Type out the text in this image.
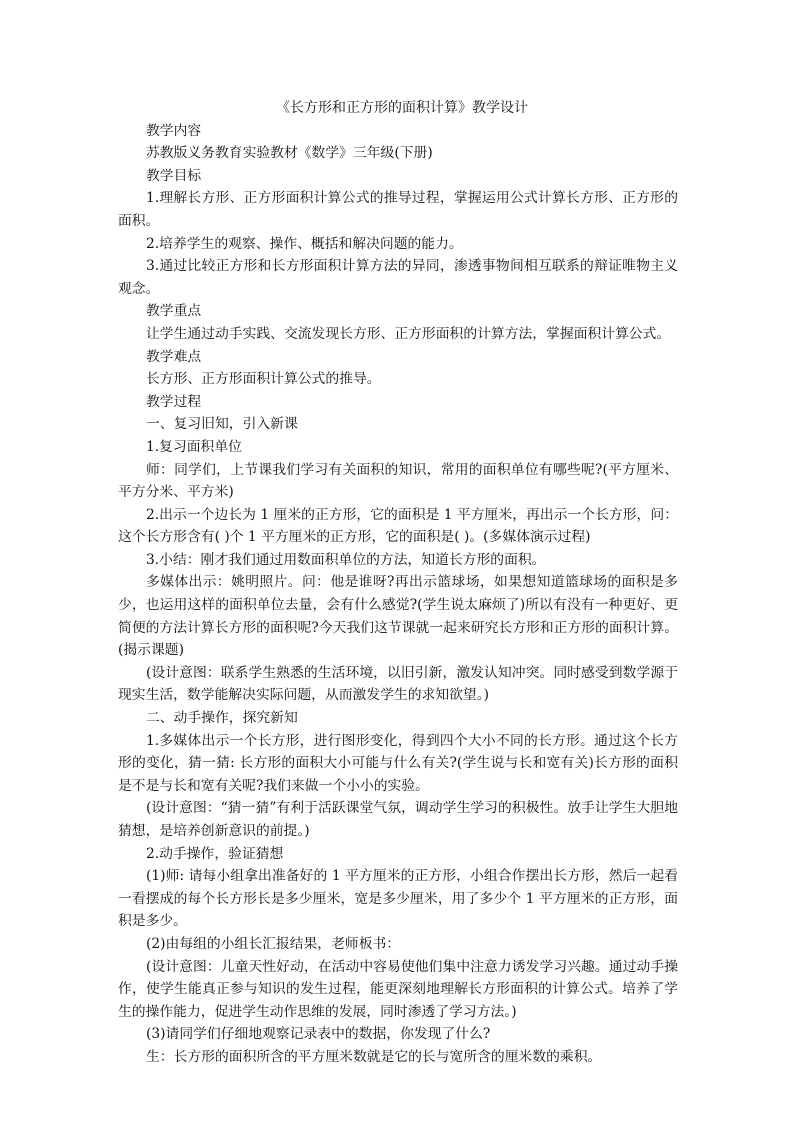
《长方形和正方形的面积计算》教学设计

教学内容

苏教版义务教育实验教材《数学》三年级(下册)

教学目标

1.理解长方形、正方形面积计算公式的推导过程，掌握运用公式计算长方形、正方形的面积。

2.培养学生的观察、操作、概括和解决问题的能力。

3.通过比较正方形和长方形面积计算方法的异同，渗透事物间相互联系的辩证唯物主义观念。

教学重点

让学生通过动手实践、交流发现长方形、正方形面积的计算方法，掌握面积计算公式。

教学难点

长方形、正方形面积计算公式的推导。

教学过程

一、复习旧知，引入新课

1.复习面积单位

师：同学们，上节课我们学习有关面积的知识，常用的面积单位有哪些呢?(平方厘米、平方分米、平方米)

2.出示一个边长为 1 厘米的正方形，它的面积是 1 平方厘米，再出示一个长方形，问：这个长方形含有( )个 1 平方厘米的正方形，它的面积是( )。(多媒体演示过程)

3.小结：刚才我们通过用数面积单位的方法，知道长方形的面积。

多媒体出示：姚明照片。问：他是谁呀?再出示篮球场，如果想知道篮球场的面积是多少，也运用这样的面积单位去量，会有什么感觉?(学生说太麻烦了)所以有没有一种更好、更简便的方法计算长方形的面积呢?今天我们这节课就一起来研究长方形和正方形的面积计算。(揭示课题)

(设计意图：联系学生熟悉的生活环境，以旧引新，激发认知冲突。同时感受到数学源于现实生活，数学能解决实际问题，从而激发学生的求知欲望。)

二、动手操作，探究新知

1.多媒体出示一个长方形，进行图形变化，得到四个大小不同的长方形。通过这个长方形的变化，猜一猜: 长方形的面积大小可能与什么有关?(学生说与长和宽有关)长方形的面积是不是与长和宽有关呢?我们来做一个小小的实验。

(设计意图：“猜一猜”有利于活跃课堂气氛，调动学生学习的积极性。放手让学生大胆地猜想，是培养创新意识的前提。)

2.动手操作，验证猜想

(1)师: 请每小组拿出准备好的 1 平方厘米的正方形，小组合作摆出长方形，然后一起看一看摆成的每个长方形长是多少厘米，宽是多少厘米，用了多少个 1 平方厘米的正方形，面积是多少。

(2)由每组的小组长汇报结果，老师板书：

(设计意图：儿童天性好动，在活动中容易使他们集中注意力诱发学习兴趣。通过动手操作，使学生能真正参与知识的发生过程，能更深刻地理解长方形面积的计算公式。培养了学生的操作能力，促进学生动作思维的发展，同时渗透了学习方法。)

(3)请同学们仔细地观察记录表中的数据，你发现了什么?

生：长方形的面积所含的平方厘米数就是它的长与宽所含的厘米数的乘积。
